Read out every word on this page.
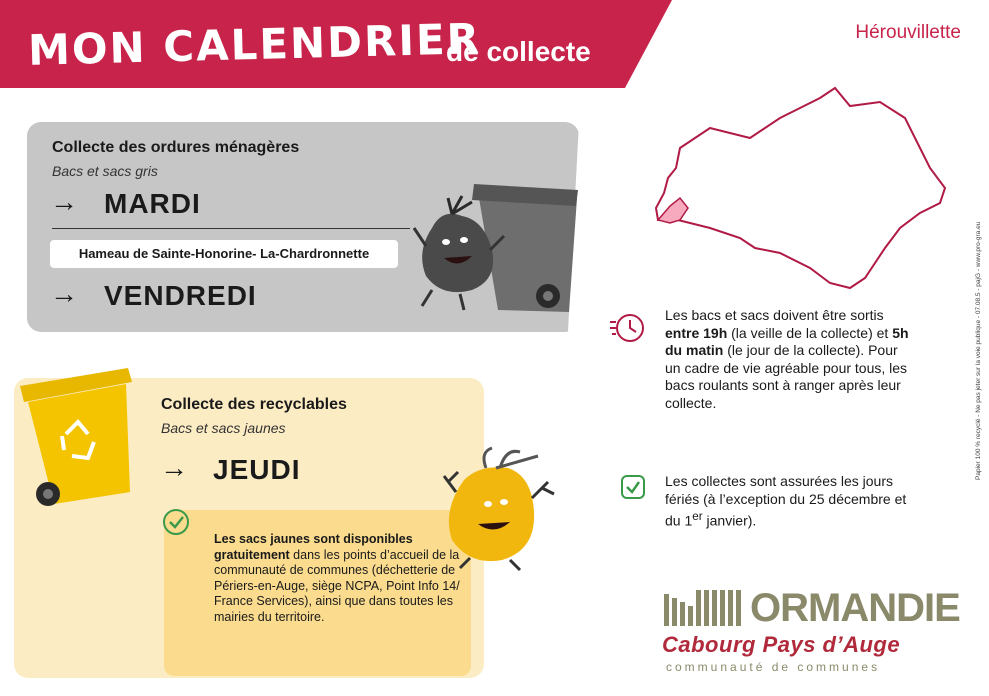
MON CALENDRIER
de collecte
Hérouvillette
Collecte des ordures ménagères
Bacs et sacs gris
→ MARDI
Hameau de Sainte-Honorine- La-Chardronnette
→ VENDREDI
Collecte des recyclables
Bacs et sacs jaunes
→ JEUDI
Les sacs jaunes sont disponibles gratuitement dans les points d’accueil de la communauté de communes (déchetterie de Périers-en-Auge, siège NCPA, Point Info 14/ France Services), ainsi que dans toutes les mairies du territoire.
Les bacs et sacs doivent être sortis entre 19h (la veille de la collecte) et 5h du matin (le jour de la collecte). Pour un cadre de vie agréable pour tous, les bacs roulants sont à ranger après leur collecte.
Les collectes sont assurées les jours fériés (à l’exception du 25 décembre et du 1er janvier).
Papier 100 % recyclé - Ne pas jeter sur la voie publique - 07.08.5 - pajG - www.pro-gra.eu
ORMANDIE
Cabourg Pays d’Auge
communauté de communes
